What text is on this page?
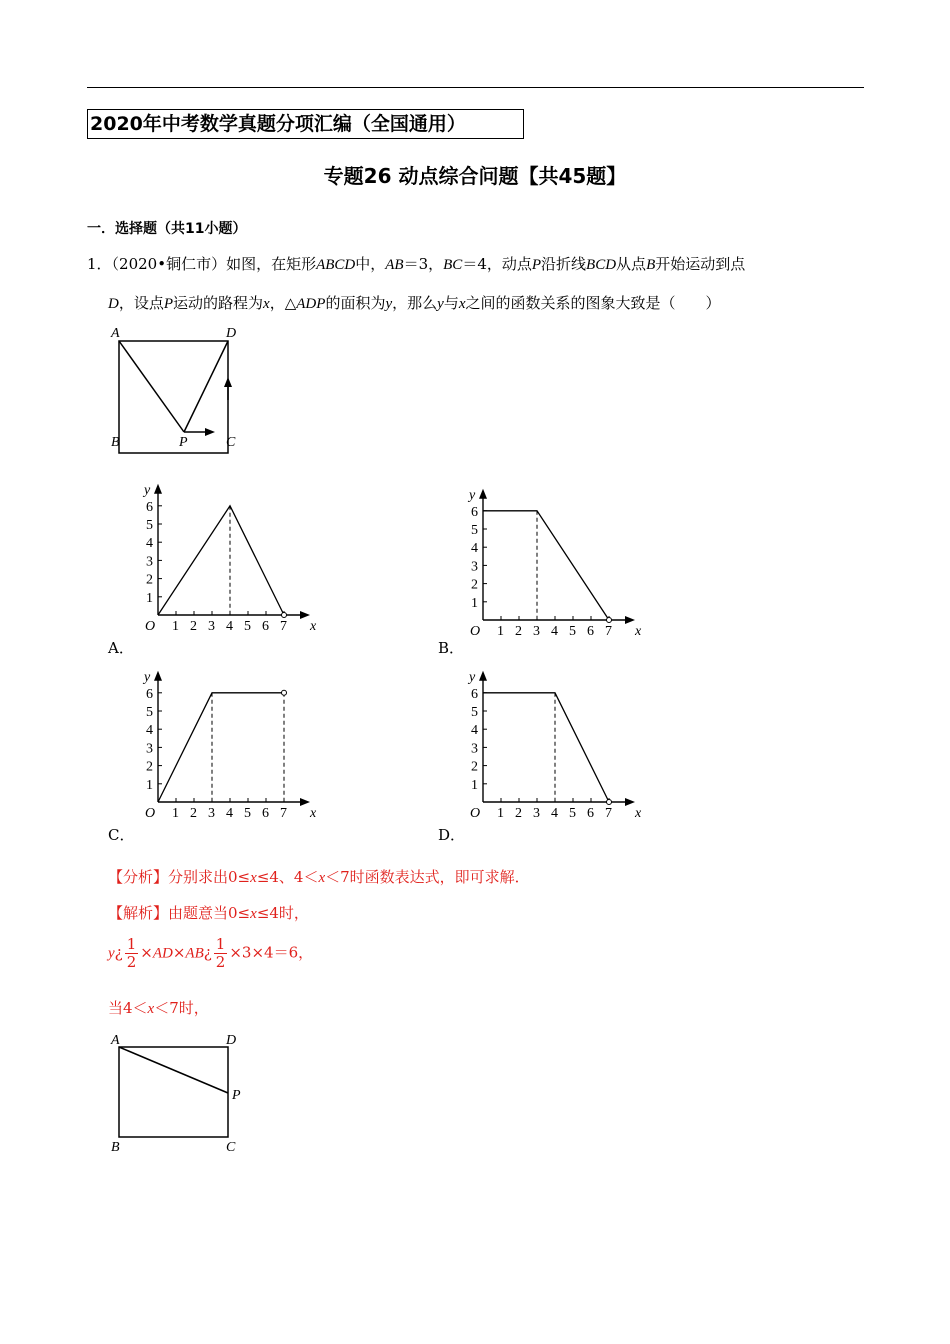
2020年中考数学真题分项汇编（全国通用）
专题26 动点综合问题【共45题】
一．选择题（共11小题）
1．（2020•铜仁市）如图，在矩形ABCD中，AB＝3，BC＝4，动点P沿折线BCD从点B开始运动到点
D，设点P运动的路程为x，△ADP的面积为y，那么y与x之间的函数关系的图象大致是（　　）
A	D
B	P	C
1 2 3 4 5 6 7
1
2
3
4
5
6
O	x
y
A．
1 2 3 4 5 6 7
1
2
3
4
5
6
O	x
y
B．
1 2 3 4 5 6 7
1
2
3
4
5
6
O	x
y
C．
1 2 3 4 5 6 7
1
2
3
4
5
6
O	x
y
D．
【分析】分别求出0≤x≤4、4＜x＜7时函数表达式，即可求解．
【解析】由题意当0≤x≤4时，
y¿ $\frac{1}{2}$ ×AD×AB¿ $\frac{1}{2} \times 3\times 4=6$，
当4＜x＜7时，
A	D
B
P
C
